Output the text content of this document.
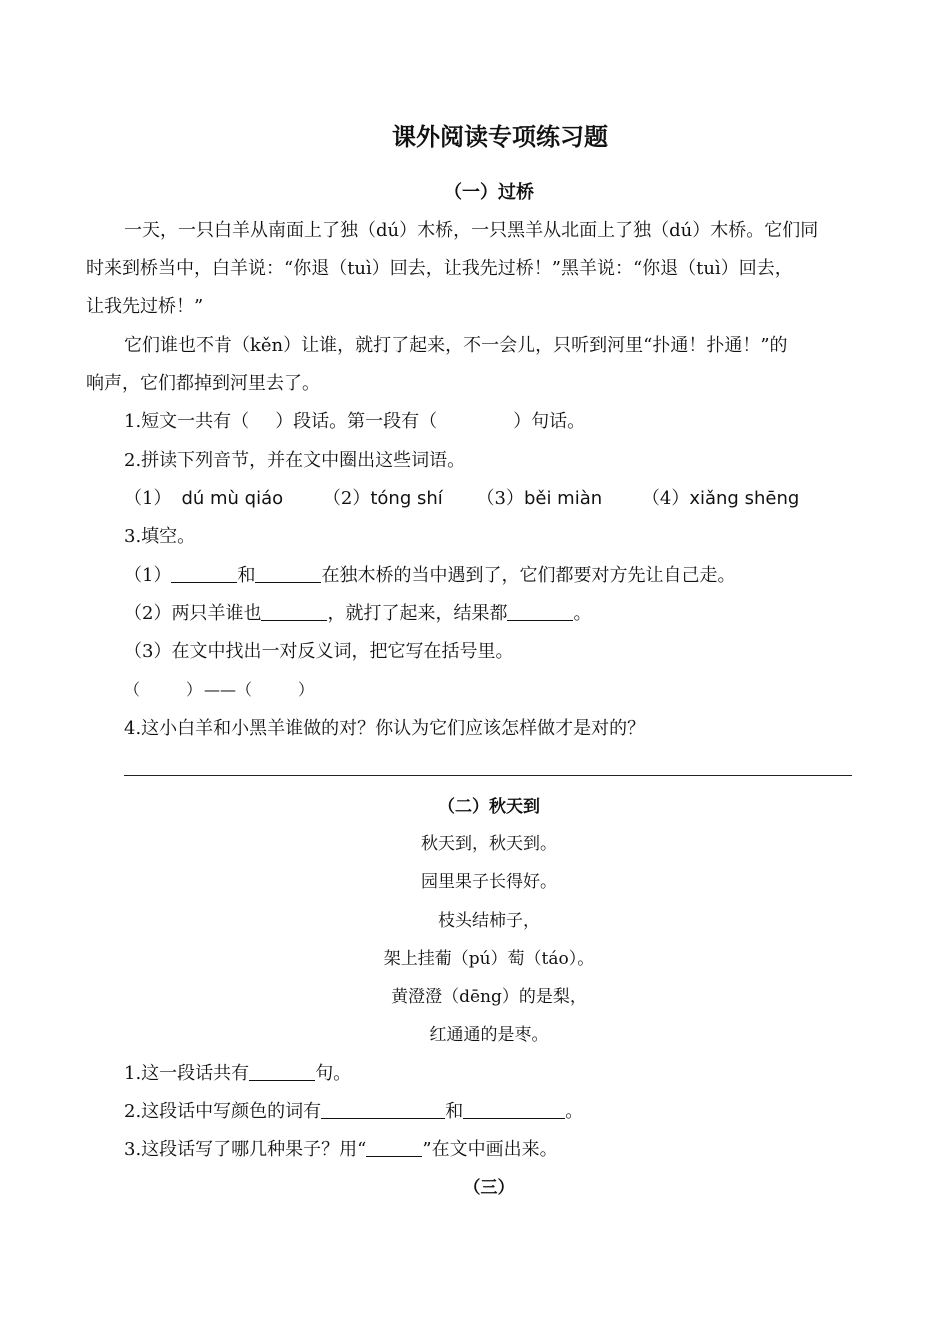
课外阅读专项练习题
（一）过桥
一天，一只白羊从南面上了独（dú）木桥，一只黑羊从北面上了独（dú）木桥。它们同
时来到桥当中，白羊说：“你退（tuì）回去，让我先过桥！”黑羊说：“你退（tuì）回去，
让我先过桥！”
它们谁也不肯（kěn）让谁，就打了起来，不一会儿，只听到河里“扑通！扑通！”的
响声，它们都掉到河里去了。
1.短文一共有（ ）段话。第一段有（	）句话。
2.拼读下列音节，并在文中圈出这些词语。
（1） dú mù qiáo （2）tóng shí （3）běi miàn （4）xiǎng shēng
3.填空。
（1）	和	在独木桥的当中遇到了，它们都要对方先让自己走。
（2）两只羊谁也	，就打了起来，结果都	。
（3）在文中找出一对反义词，把它写在括号里。
（	） ——（	）
4.这小白羊和小黑羊谁做的对？你认为它们应该怎样做才是对的？
（二）秋天到
秋天到，秋天到。
园里果子长得好。
枝头结柿子，
架上挂葡（pú）萄（táo）。
黄澄澄（dēng）的是梨，
红通通的是枣。
1.这一段话共有	句。
2.这段话中写颜色的词有	和	。
3.这段话写了哪几种果子？用“	”在文中画出来。
（三）
